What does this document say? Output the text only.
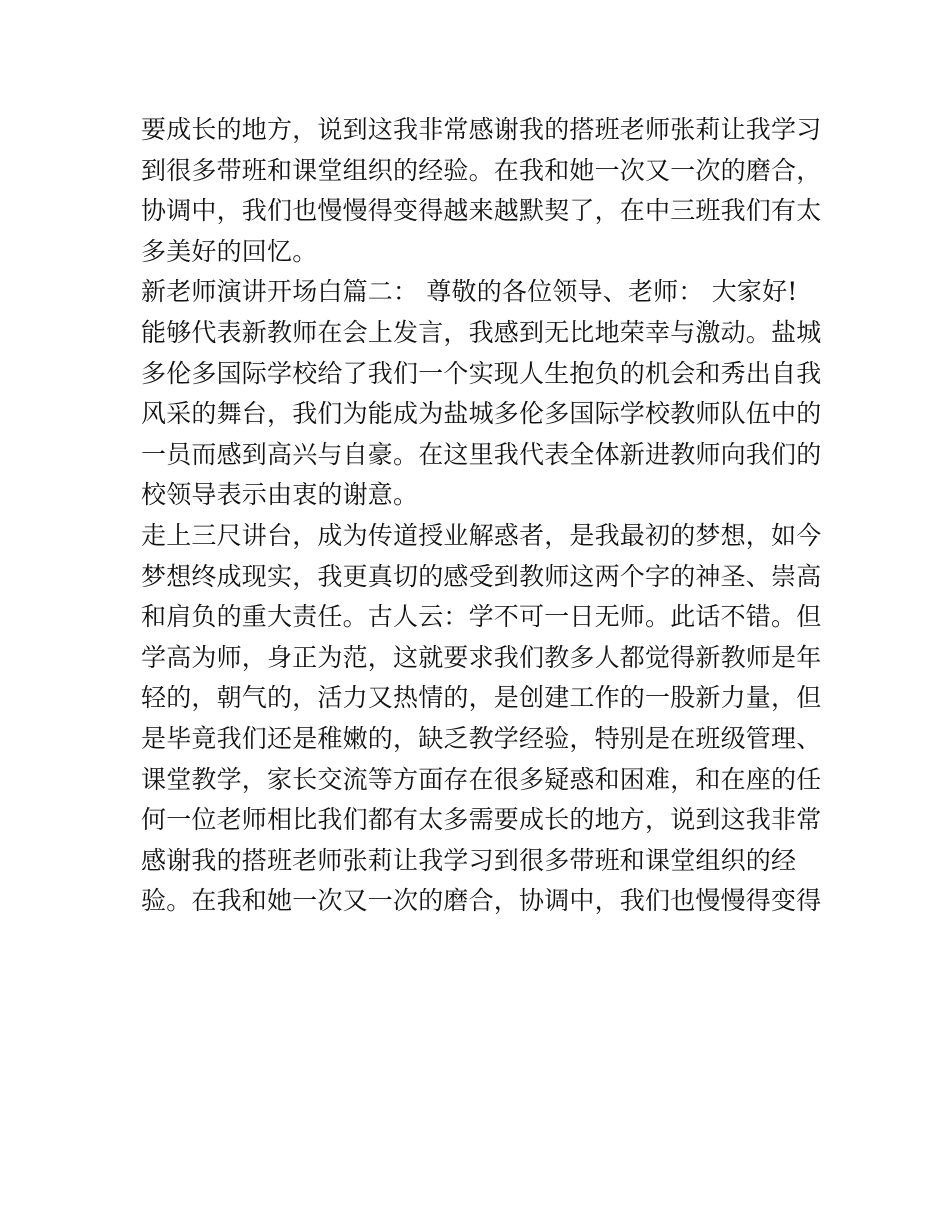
要成长的地方，说到这我非常感谢我的搭班老师张莉让我学习
到很多带班和课堂组织的经验。在我和她一次又一次的磨合，
协调中，我们也慢慢得变得越来越默契了，在中三班我们有太
多美好的回忆。
新老师演讲开场白篇二： 尊敬的各位领导、老师： 大家好!
能够代表新教师在会上发言，我感到无比地荣幸与激动。盐城
多伦多国际学校给了我们一个实现人生抱负的机会和秀出自我
风采的舞台，我们为能成为盐城多伦多国际学校教师队伍中的
一员而感到高兴与自豪。在这里我代表全体新进教师向我们的
校领导表示由衷的谢意。
走上三尺讲台，成为传道授业解惑者，是我最初的梦想，如今
梦想终成现实，我更真切的感受到教师这两个字的神圣、崇高
和肩负的重大责任。古人云：学不可一日无师。此话不错。但
学高为师，身正为范，这就要求我们教多人都觉得新教师是年
轻的，朝气的，活力又热情的，是创建工作的一股新力量，但
是毕竟我们还是稚嫩的，缺乏教学经验，特别是在班级管理、
课堂教学，家长交流等方面存在很多疑惑和困难，和在座的任
何一位老师相比我们都有太多需要成长的地方，说到这我非常
感谢我的搭班老师张莉让我学习到很多带班和课堂组织的经
验。在我和她一次又一次的磨合，协调中，我们也慢慢得变得
